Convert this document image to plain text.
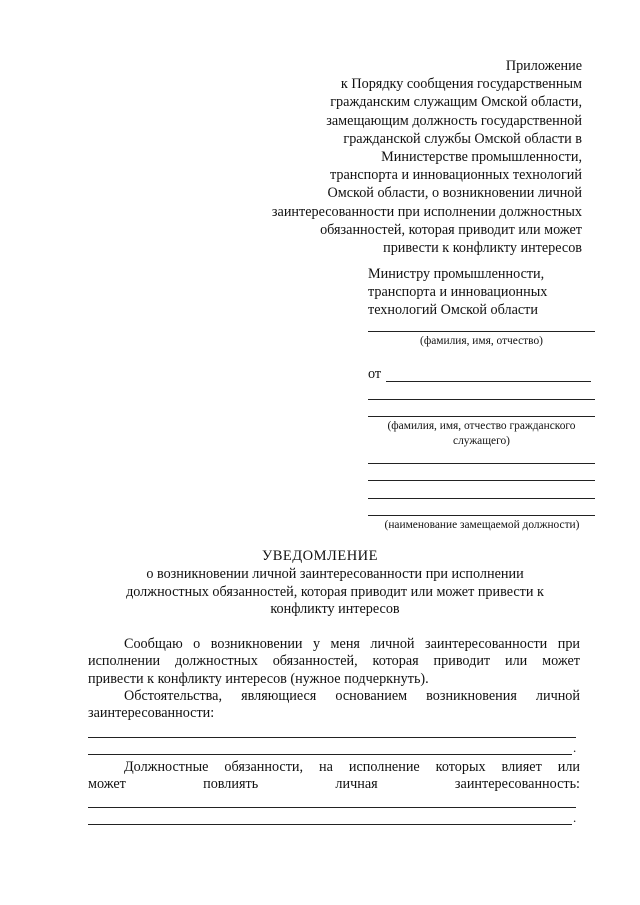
Приложение
к Порядку сообщения государственным
гражданским служащим Омской области,
замещающим должность государственной
гражданской службы Омской области в
Министерстве промышленности,
транспорта и инновационных технологий
Омской области, о возникновении личной
заинтересованности при исполнении должностных
обязанностей, которая приводит или может
привести к конфликту интересов
Министру промышленности,
транспорта и инновационных
технологий Омской области
(фамилия, имя, отчество)
от
(фамилия, имя, отчество гражданского
служащего)
(наименование замещаемой должности)
УВЕДОМЛЕНИЕ
о возникновении личной заинтересованности при исполнении
должностных обязанностей, которая приводит или может привести к
конфликту интересов
Сообщаю о возникновении у меня личной заинтересованности при
исполнении должностных обязанностей, которая приводит или может
привести к конфликту интересов (нужное подчеркнуть).
Обстоятельства, являющиеся основанием возникновения личной
заинтересованности:
.
Должностные обязанности, на исполнение которых влияет или
может повлиять личная заинтересованность:
.
